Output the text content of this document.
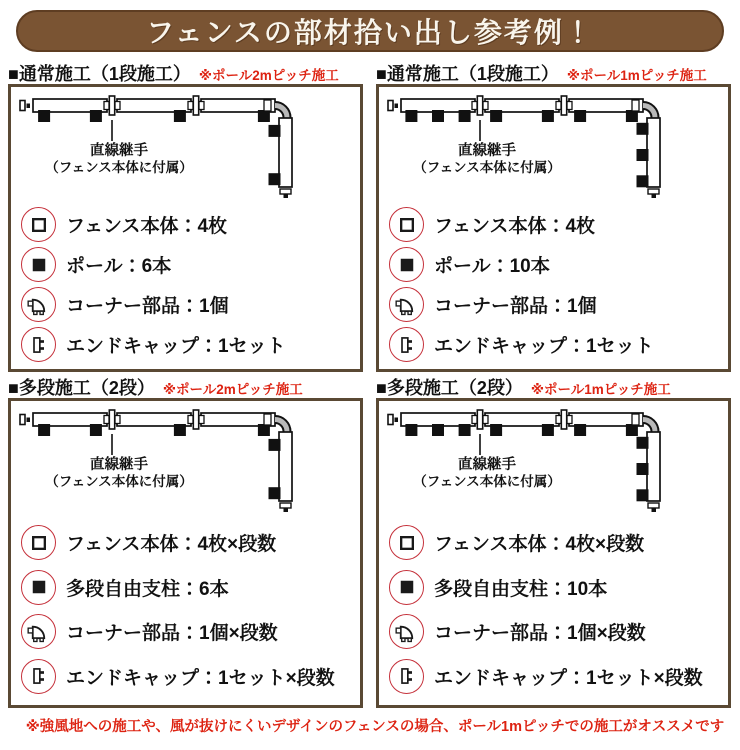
フェンスの部材拾い出し参考例！
■通常施工（1段施工） ※ポール2mピッチ施工
直線継手
（フェンス本体に付属）
フェンス本体：4枚
ポール：6本
コーナー部品：1個
エンドキャップ：1セット
■通常施工（1段施工） ※ポール1mピッチ施工
直線継手
（フェンス本体に付属）
フェンス本体：4枚
ポール：10本
コーナー部品：1個
エンドキャップ：1セット
■多段施工（2段） ※ポール2mピッチ施工
直線継手
（フェンス本体に付属）
フェンス本体：4枚×段数
多段自由支柱：6本
コーナー部品：1個×段数
エンドキャップ：1セット×段数
■多段施工（2段） ※ポール1mピッチ施工
直線継手
（フェンス本体に付属）
フェンス本体：4枚×段数
多段自由支柱：10本
コーナー部品：1個×段数
エンドキャップ：1セット×段数
※強風地への施工や、風が抜けにくいデザインのフェンスの場合、ポール1mピッチでの施工がオススメです
